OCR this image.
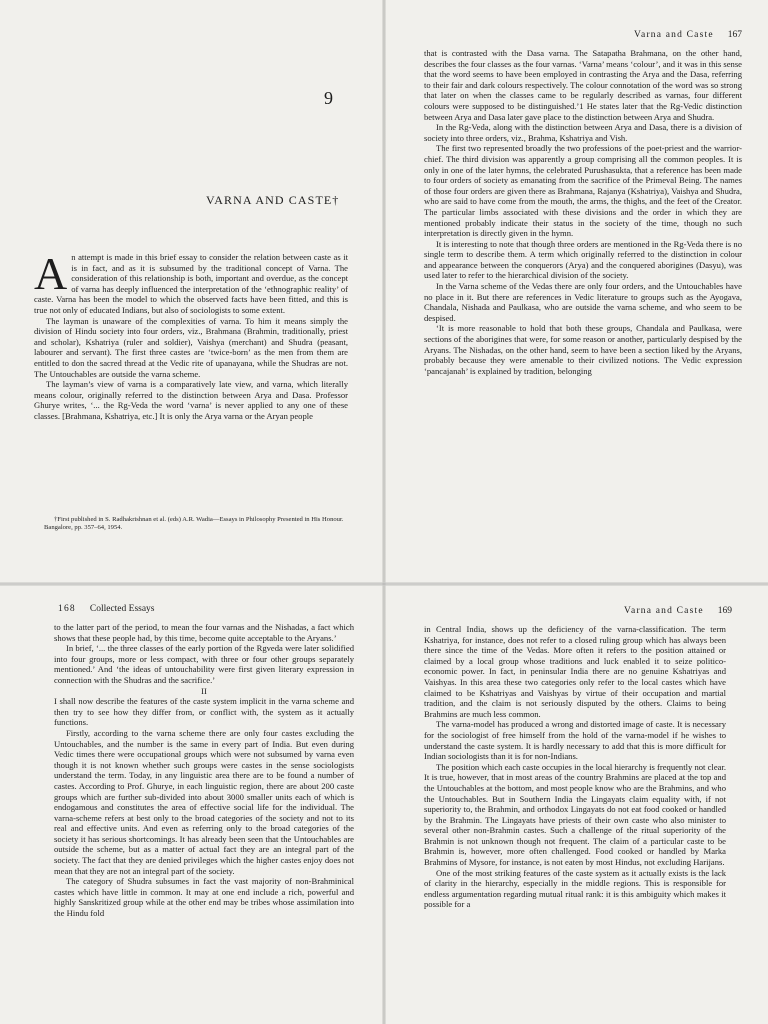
9
VARNA AND CASTE†

An attempt is made in this brief essay to consider the relation between caste as it is in fact, and as it is subsumed by the traditional concept of Varna. The consideration of this relationship is both, important and overdue, as the concept of varna has deeply influenced the interpretation of the ‘ethnographic reality’ of caste. Varna has been the model to which the observed facts have been fitted, and this is true not only of educated Indians, but also of sociologists to some extent.

The layman is unaware of the complexities of varna. To him it means simply the division of Hindu society into four orders, viz., Brahmana (Brahmin, traditionally, priest and scholar), Kshatriya (ruler and soldier), Vaishya (merchant) and Shudra (peasant, labourer and servant). The first three castes are ‘twice-born’ as the men from them are entitled to don the sacred thread at the Vedic rite of upanayana, while the Shudras are not. The Untouchables are outside the varna scheme.

The layman’s view of varna is a comparatively late view, and varna, which literally means colour, originally referred to the distinction between Arya and Dasa. Professor Ghurye writes, ‘... the Rg-Veda the word ‘varna’ is never applied to any one of these classes. [Brahmana, Kshatriya, etc.] It is only the Arya varna or the Aryan people

†First published in S. Radhakrishnan et al. (eds) A.R. Wadia—Essays in Philosophy Presented in His Honour. Bangalore, pp. 357–64, 1954.

Varna and Caste 167

that is contrasted with the Dasa varna. The Satapatha Brahmana, on the other hand, describes the four classes as the four varnas. ‘Varna’ means ‘colour’, and it was in this sense that the word seems to have been employed in contrasting the Arya and the Dasa, referring to their fair and dark colours respectively. The colour connotation of the word was so strong that later on when the classes came to be regularly described as varnas, four different colours were supposed to be distinguished.’1 He states later that the Rg-Vedic distinction between Arya and Dasa later gave place to the distinction between Arya and Shudra.

In the Rg-Veda, along with the distinction between Arya and Dasa, there is a division of society into three orders, viz., Brahma, Kshatriya and Vish.

The first two represented broadly the two professions of the poet-priest and the warrior-chief. The third division was apparently a group comprising all the common peoples. It is only in one of the later hymns, the celebrated Purushasukta, that a reference has been made to four orders of society as emanating from the sacrifice of the Primeval Being. The names of those four orders are given there as Brahmana, Rajanya (Kshatriya), Vaishya and Shudra, who are said to have come from the mouth, the arms, the thighs, and the feet of the Creator. The particular limbs associated with these divisions and the order in which they are mentioned probably indicate their status in the society of the time, though no such interpretation is directly given in the hymn.

It is interesting to note that though three orders are mentioned in the Rg-Veda there is no single term to describe them. A term which originally referred to the distinction in colour and appearance between the conquerors (Arya) and the conquered aborigines (Dasyu), was used later to refer to the hierarchical division of the society.

In the Varna scheme of the Vedas there are only four orders, and the Untouchables have no place in it. But there are references in Vedic literature to groups such as the Ayogava, Chandala, Nishada and Paulkasa, who are outside the varna scheme, and who seem to be despised.

‘It is more reasonable to hold that both these groups, Chandala and Paulkasa, were sections of the aborigines that were, for some reason or another, particularly despised by the Aryans. The Nishadas, on the other hand, seem to have been a section liked by the Aryans, probably because they were amenable to their civilized notions. The Vedic expression ‘pancajanah’ is explained by tradition, belonging

168 Collected Essays

to the latter part of the period, to mean the four varnas and the Nishadas, a fact which shows that these people had, by this time, become quite acceptable to the Aryans.’

In brief, ‘... the three classes of the early portion of the Rgveda were later solidified into four groups, more or less compact, with three or four other groups separately mentioned.’ And ‘the ideas of untouchability were first given literary expression in connection with the Shudras and the sacrifice.’

II

I shall now describe the features of the caste system implicit in the varna scheme and then try to see how they differ from, or conflict with, the system as it actually functions.

Firstly, according to the varna scheme there are only four castes excluding the Untouchables, and the number is the same in every part of India. But even during Vedic times there were occupational groups which were not subsumed by varna even though it is not known whether such groups were castes in the sense sociologists understand the term. Today, in any linguistic area there are to be found a number of castes. According to Prof. Ghurye, in each linguistic region, there are about 200 caste groups which are further sub-divided into about 3000 smaller units each of which is endogamous and constitutes the area of effective social life for the individual. The varna-scheme refers at best only to the broad categories of the society and not to its real and effective units. And even as referring only to the broad categories of the society it has serious shortcomings. It has already been seen that the Untouchables are outside the scheme, but as a matter of actual fact they are an integral part of the society. The fact that they are denied privileges which the higher castes enjoy does not mean that they are not an integral part of the society.

The category of Shudra subsumes in fact the vast majority of non-Brahminical castes which have little in common. It may at one end include a rich, powerful and highly Sanskritized group while at the other end may be tribes whose assimilation into the Hindu fold

Varna and Caste 169

in Central India, shows up the deficiency of the varna-classification. The term Kshatriya, for instance, does not refer to a closed ruling group which has always been there since the time of the Vedas. More often it refers to the position attained or claimed by a local group whose traditions and luck enabled it to seize politico-economic power. In fact, in peninsular India there are no genuine Kshatriyas and Vaishyas. In this area these two categories only refer to the local castes which have claimed to be Kshatriyas and Vaishyas by virtue of their occupation and martial tradition, and the claim is not seriously disputed by the others. Claims to being Brahmins are much less common.

The varna-model has produced a wrong and distorted image of caste. It is necessary for the sociologist of free himself from the hold of the varna-model if he wishes to understand the caste system. It is hardly necessary to add that this is more difficult for Indian sociologists than it is for non-Indians.

The position which each caste occupies in the local hierarchy is frequently not clear. It is true, however, that in most areas of the country Brahmins are placed at the top and the Untouchables at the bottom, and most people know who are the Brahmins, and who the Untouchables. But in Southern India the Lingayats claim equality with, if not superiority to, the Brahmin, and orthodox Lingayats do not eat food cooked or handled by the Brahmin. The Lingayats have priests of their own caste who also minister to several other non-Brahmin castes. Such a challenge of the ritual superiority of the Brahmin is not unknown though not frequent. The claim of a particular caste to be Brahmin is, however, more often challenged. Food cooked or handled by Marka Brahmins of Mysore, for instance, is not eaten by most Hindus, not excluding Harijans.

One of the most striking features of the caste system as it actually exists is the lack of clarity in the hierarchy, especially in the middle regions. This is responsible for endless argumentation regarding mutual ritual rank: it is this ambiguity which makes it possible for a
